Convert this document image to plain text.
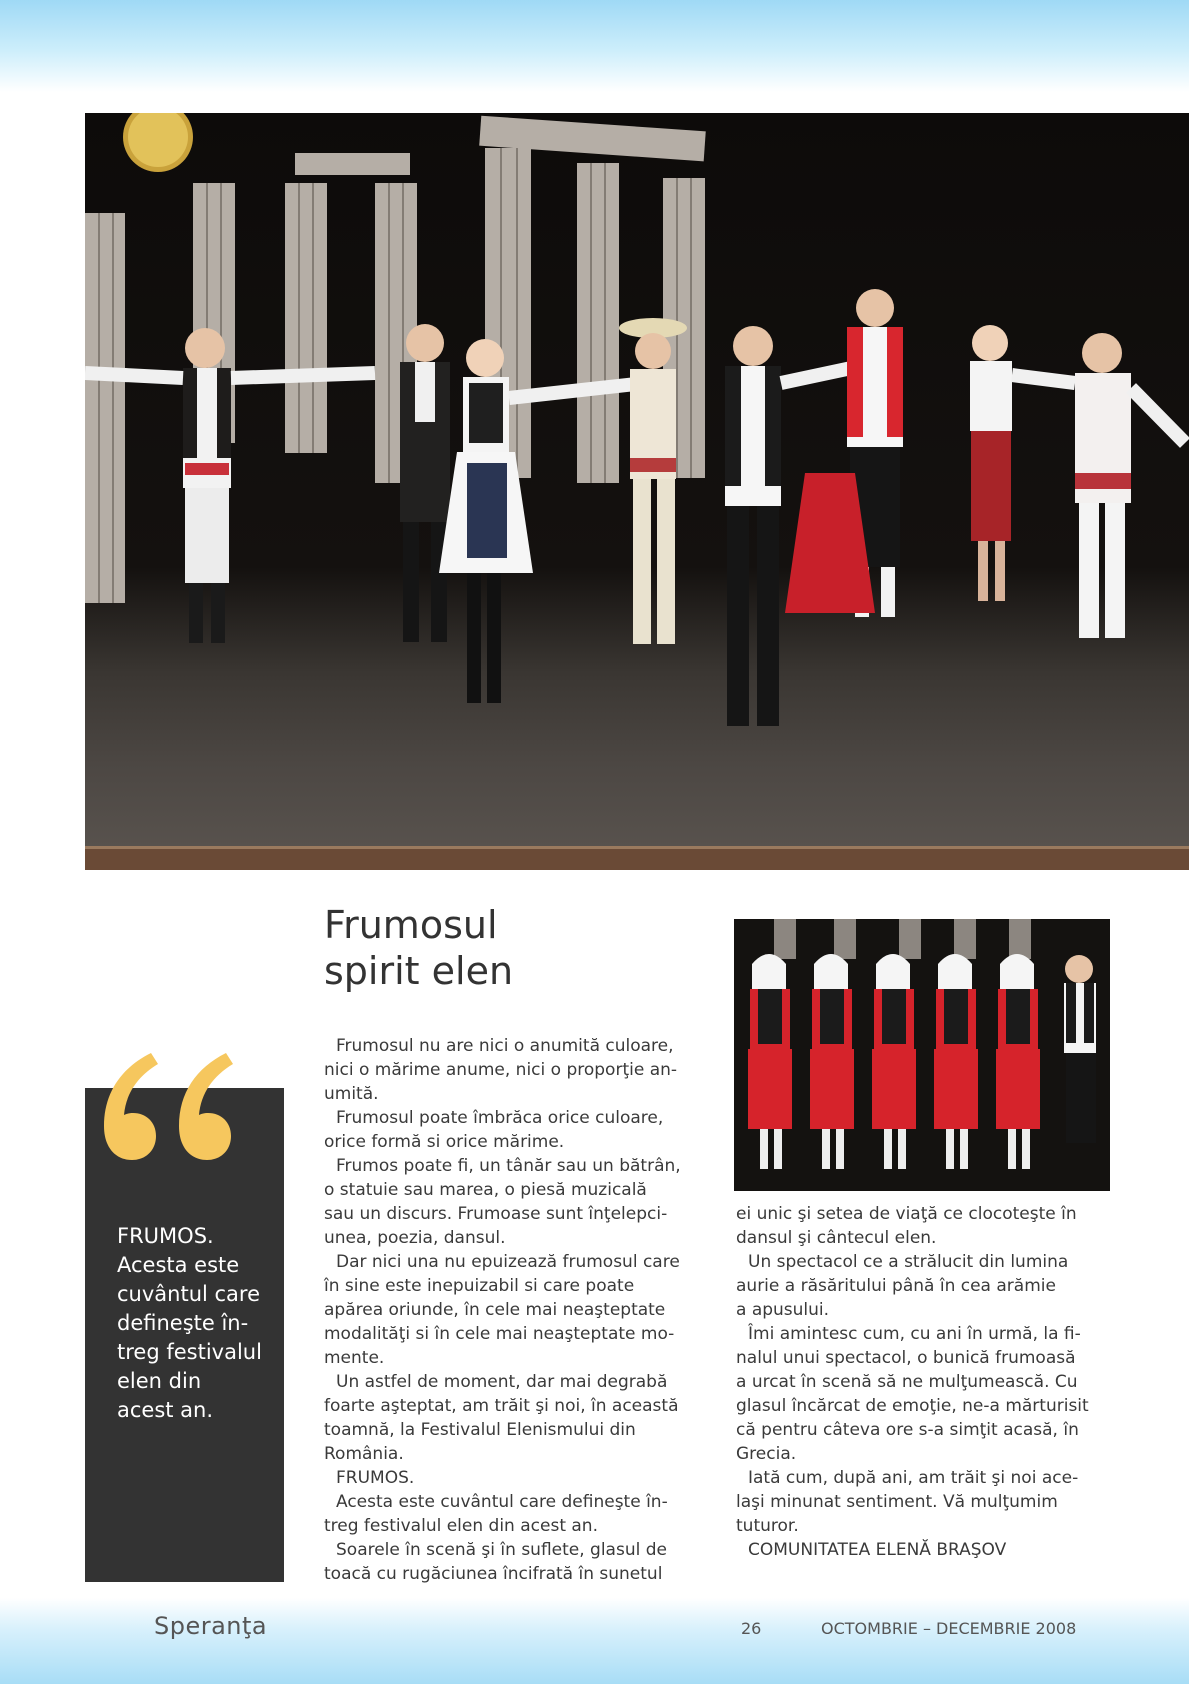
Frumosul
spirit elen
FRUMOS.
Acesta este
cuvântul care
defineşte în-
treg festivalul
elen din
acest an.
Frumosul nu are nici o anumită culoare,
nici o mărime anume, nici o proporţie an-
umită.
Frumosul poate îmbrăca orice culoare,
orice formă si orice mărime.
Frumos poate fi, un tânăr sau un bătrân,
o statuie sau marea, o piesă muzicală
sau un discurs. Frumoase sunt înţelepci-
unea, poezia, dansul.
Dar nici una nu epuizează frumosul care
în sine este inepuizabil si care poate
apărea oriunde, în cele mai neaşteptate
modalităţi si în cele mai neaşteptate mo-
mente.
Un astfel de moment, dar mai degrabă
foarte aşteptat, am trăit şi noi, în această
toamnă, la Festivalul Elenismului din
România.
FRUMOS.
Acesta este cuvântul care defineşte în-
treg festivalul elen din acest an.
Soarele în scenă şi în suflete, glasul de
toacă cu rugăciunea încifrată în sunetul
ei unic şi setea de viaţă ce clocoteşte în
dansul şi cântecul elen.
Un spectacol ce a strălucit din lumina
aurie a răsăritului până în cea arămie
a apusului.
Îmi amintesc cum, cu ani în urmă, la fi-
nalul unui spectacol, o bunică frumoasă
a urcat în scenă să ne mulţumească. Cu
glasul încărcat de emoţie, ne-a mărturisit
că pentru câteva ore s-a simţit acasă, în
Grecia.
Iată cum, după ani, am trăit şi noi ace-
laşi minunat sentiment. Vă mulţumim
tuturor.
COMUNITATEA ELENĂ BRAŞOV
Speranţa	26	OCTOMBRIE – DECEMBRIE 2008
